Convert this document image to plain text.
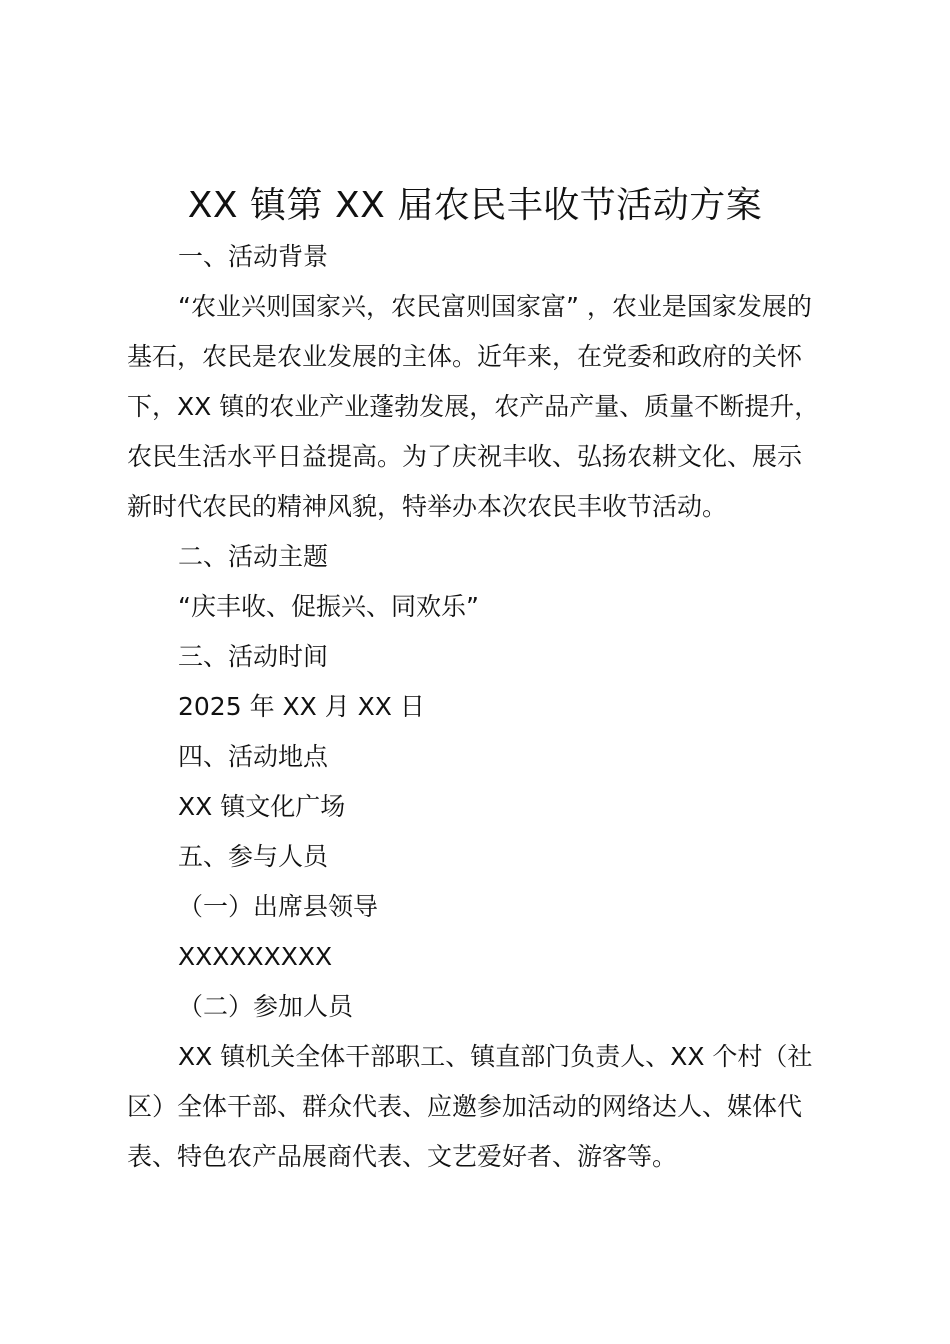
XX 镇第 XX 届农民丰收节活动方案

一、活动背景

“农业兴则国家兴，农民富则国家富” ，农业是国家发展的

基石，农民是农业发展的主体。近年来，在党委和政府的关怀

下，XX 镇的农业产业蓬勃发展，农产品产量、质量不断提升，

农民生活水平日益提高。为了庆祝丰收、弘扬农耕文化、展示

新时代农民的精神风貌，特举办本次农民丰收节活动。

二、活动主题

“庆丰收、促振兴、同欢乐”

三、活动时间

2025 年 XX 月 XX 日

四、活动地点

XX 镇文化广场

五、参与人员

（一）出席县领导

XXXXXXXXX

（二）参加人员

XX 镇机关全体干部职工、镇直部门负责人、XX 个村（社

区）全体干部、群众代表、应邀参加活动的网络达人、媒体代

表、特色农产品展商代表、文艺爱好者、游客等。
